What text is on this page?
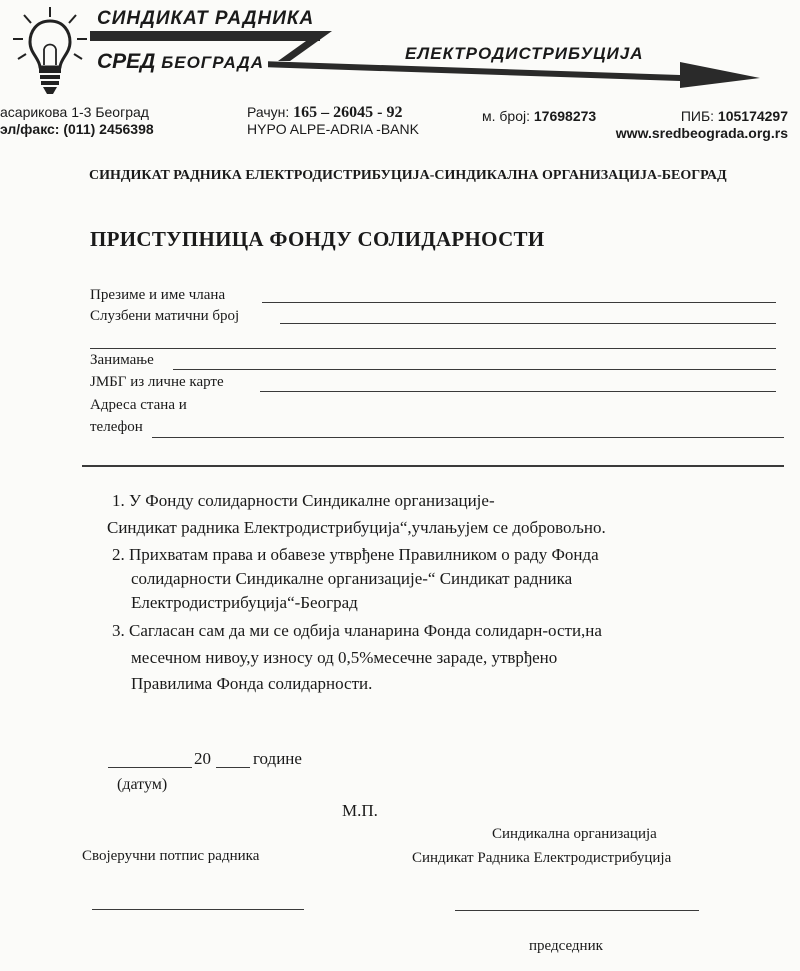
СИНДИКАТ РАДНИКА
СРЕД БЕОГРАДА	ЕЛЕКТРОДИСТРИБУЦИЈА
асарикова 1-3 Београд
эл/факс: (011) 2456398
Рачун: 165 – 26045 - 92
HYPO ALPE-ADRIA -BANK
м. број: 17698273	ПИБ: 105174297
www.sredbeograda.org.rs
СИНДИКАТ РАДНИКА ЕЛЕКТРОДИСТРИБУЦИЈА-СИНДИКАЛНА ОРГАНИЗАЦИЈА-БЕОГРАД
ПРИСТУПНИЦА ФОНДУ СОЛИДАРНОСТИ
Презиме и име члана
Слузбени матични број
Занимање
ЈМБГ из личне карте
Адреса стана и
телефон
1. У Фонду солидарности Синдикалне организације-
Синдикат радника Електродистрибуција“,учлањујем се добровољно.
2. Прихватам права и обавезе утврђене Правилником о раду Фонда
солидарности Синдикалне организације-“ Синдикат радника
Електродистрибуција“-Београд
3. Сагласан сам да ми се одбија чланарина Фонда солидарн-ости,на
месечном нивоу,у износу од 0,5%месечне зараде, утврђено
Правилима Фонда солидарности.
20 године
(датум)
М.П.
Својеручни потпис радника
Синдикална организација
Синдикат Радника Електродистрибуција
председник
